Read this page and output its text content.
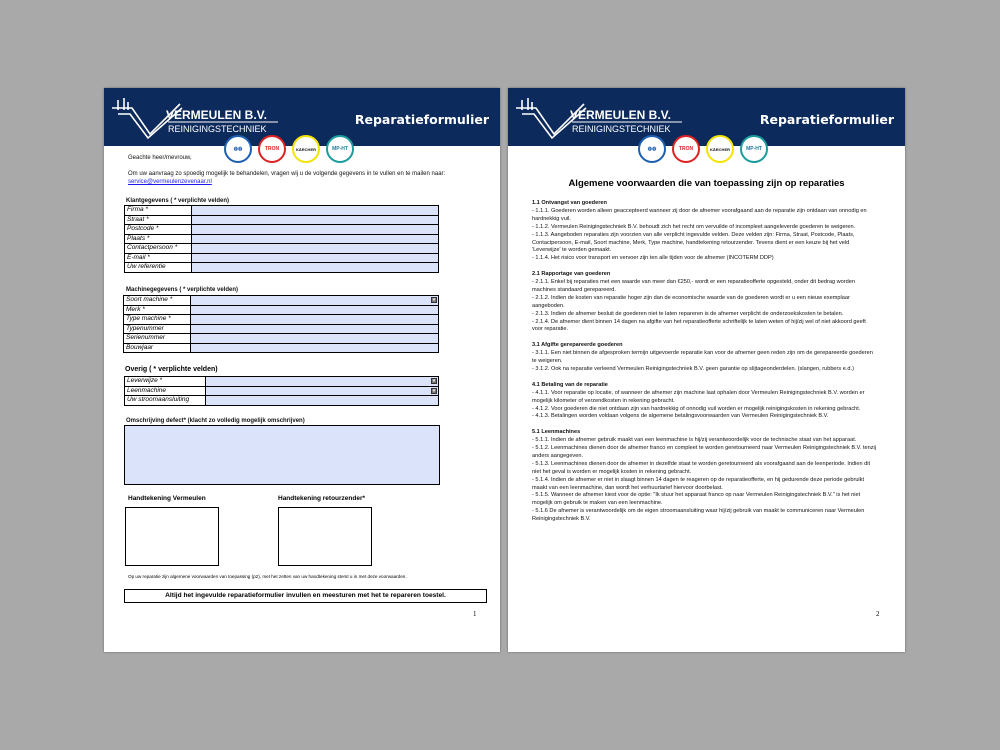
VERMEULEN B.V.
REINIGINGSTECHNIEK
Reparatieformulier
◍◍	TRON	KÄRCHER	MP-HT
Geachte heer/mevrouw,
Om uw aanvraag zo spoedig mogelijk te behandelen, vragen wij u de volgende gegevens in te vullen en te mailen naar:
service@vermeulenzevenaar.nl
Klantgegevens ( * verplichte velden)
Firma *	
Straat *	
Postcode *	
Plaats *	
Contactpersoon *	
E-mail *	
Uw referentie	
Machinegegevens ( * verplichte velden)
Soort machine *	▾

Merk *	
Type machine *	
Typenummer	
Serienummer	
Bouwjaar	
Overig ( * verplichte velden)
Leverwijze *	▾

Leenmachine	▾

Uw stroomaansluiting	
Omschrijving defect* (klacht zo volledig mogelijk omschrijven)
Handtekening Vermeulen	Handtekening retourzender*
Op uw reparatie zijn algemene voorwaarden van toepassing (p2), met het zetten van uw handtekening stemt u in met deze voorwaarden.
Altijd het ingevulde reparatieformulier invullen en meesturen met het te repareren toestel.
1
VERMEULEN B.V.
REINIGINGSTECHNIEK
Reparatieformulier
◍◍	TRON	KÄRCHER	MP-HT
Algemene voorwaarden die van toepassing zijn op reparaties
1.1 Ontvangst van goederen
- 1.1.1. Goederen worden alleen geaccepteerd wanneer zij door de afnemer voorafgaand aan de reparatie zijn ontdaan van onnodig en hardnekkig vuil.
- 1.1.2. Vermeulen Reinigingstechniek B.V. behoudt zich het recht om vervuilde of incompleet aangeleverde goederen te weigeren.
- 1.1.3. Aangeboden reparaties zijn voorzien van alle verplicht ingevulde velden. Deze velden zijn: Firma, Straat, Postcode, Plaats, Contactpersoon, E-mail, Soort machine, Merk, Type machine, handtekening retourzender. Tevens dient er een keuze bij het veld 'Leverwijze' te worden gemaakt.
- 1.1.4. Het risico voor transport en vervoer zijn ten alle tijden voor de afnemer (INCOTERM DDP)
2.1 Rapportage van goederen
- 2.1.1. Enkel bij reparaties met een waarde van meer dan €250,- wordt er een reparatieofferte opgesteld, onder dit bedrag worden machines standaard gerepareerd.
- 2.1.2. Indien de kosten van reparatie hoger zijn dan de economische waarde van de goederen wordt er u een nieuw exemplaar aangeboden.
- 2.1.3. Indien de afnemer besluit de goederen niet te laten repareren is de afnemer verplicht de onderzoekskosten te betalen.
- 2.1.4. De afnemer dient binnen 14 dagen na afgifte van het reparatieofferte schriftelijk te laten weten of hij/zij wel of niet akkoord geeft voor reparatie.
3.1 Afgifte gerepareerde goederen
- 3.1.1. Een niet binnen de afgesproken termijn uitgevoerde reparatie kan voor de afnemer geen reden zijn om de gerepareerde goederen te weigeren.
- 3.1.2. Ook na reparatie verleend Vermeulen Reinigingstechniek B.V. geen garantie op slijtageonderdelen. (slangen, rubbers e.d.)
4.1 Betaling van de reparatie
- 4.1.1. Voor reparatie op locatie, of wanneer de afnemer zijn machine laat ophalen door Vermeulen Reinigingstechniek B.V. worden er mogelijk kilometer of verzendkosten in rekening gebracht.
- 4.1.2. Voor goederen die niet ontdaan zijn van hardnekkig of onnodig vuil worden er mogelijk reinigingskosten in rekening gebracht.
- 4.1.3. Betalingen worden voldaan volgens de algemene betalingsvoorwaarden van Vermeulen Reinigingstechniek B.V.
5.1 Leenmachines
- 5.1.1. Indien de afnemer gebruik maakt van een leenmachine is hij/zij verantwoordelijk voor de technische staat van het apparaat.
- 5.1.2. Leenmachines dienen door de afnemer franco en compleet te worden geretourneerd naar Vermeulen Reinigingstechniek B.V. tenzij anders aangegeven.
- 5.1.3. Leenmachines dienen door de afnemer in dezelfde staat te worden geretourneerd als voorafgaand aan de leenperiode. Indien dit niet het geval is worden er mogelijk kosten in rekening gebracht.
- 5.1.4. Indien de afnemer er niet in slaagt binnen 14 dagen te reageren op de reparatieofferte, en hij gedurende deze periode gebruikt maakt van een leenmachine, dan wordt het verhuurtarief hiervoor doorbelast.
- 5.1.5. Wanneer de afnemer kiest voor de optie: "Ik stuur het apparaat franco op naar Vermeulen Reinigingstechniek B.V." is het niet mogelijk om gebruik te maken van een leenmachine.
- 5.1.6 De afnemer is verantwoordelijk om de eigen stroomaansluiting waar hij/zij gebruik van maakt te communiceren naar Vermeulen Reinigingstechniek B.V.
2
